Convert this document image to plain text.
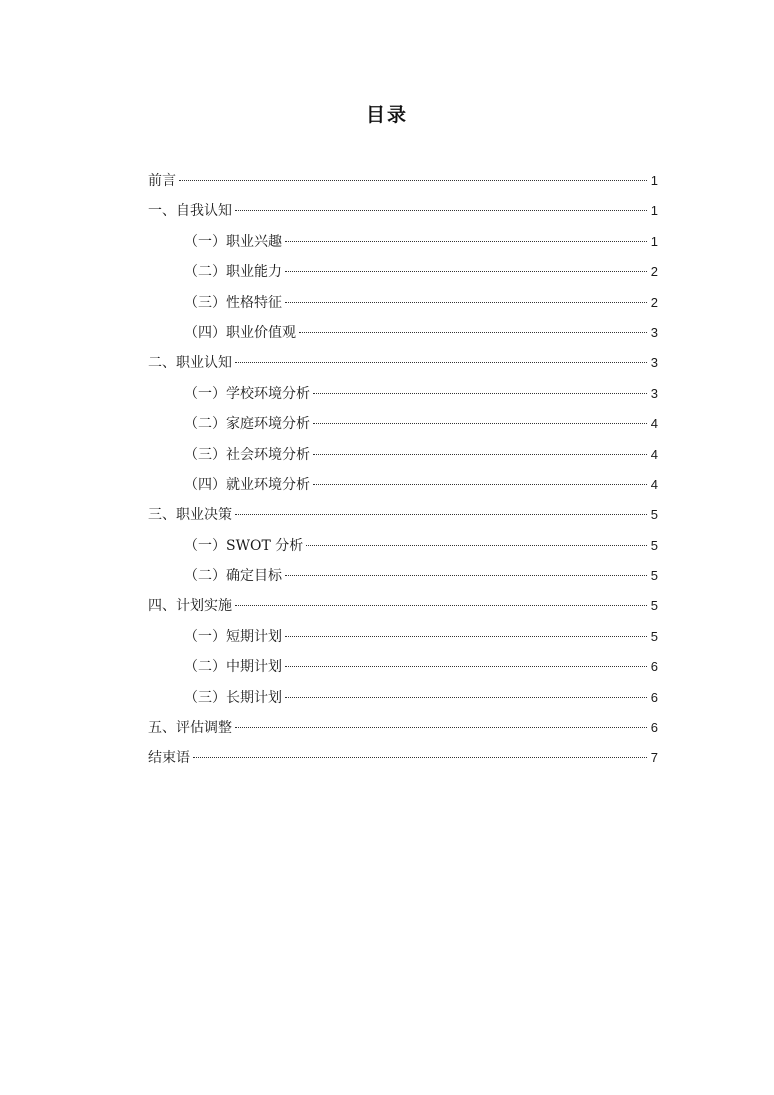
目录
前言	1
一、自我认知	1
（一）职业兴趣	1
（二）职业能力	2
（三）性格特征	2
（四）职业价值观	3
二、职业认知	3
（一）学校环境分析	3
（二）家庭环境分析	4
（三）社会环境分析	4
（四）就业环境分析	4
三、职业决策	5
（一）SWOT 分析	5
（二）确定目标	5
四、计划实施	5
（一）短期计划	5
（二）中期计划	6
（三）长期计划	6
五、评估调整	6
结束语	7
